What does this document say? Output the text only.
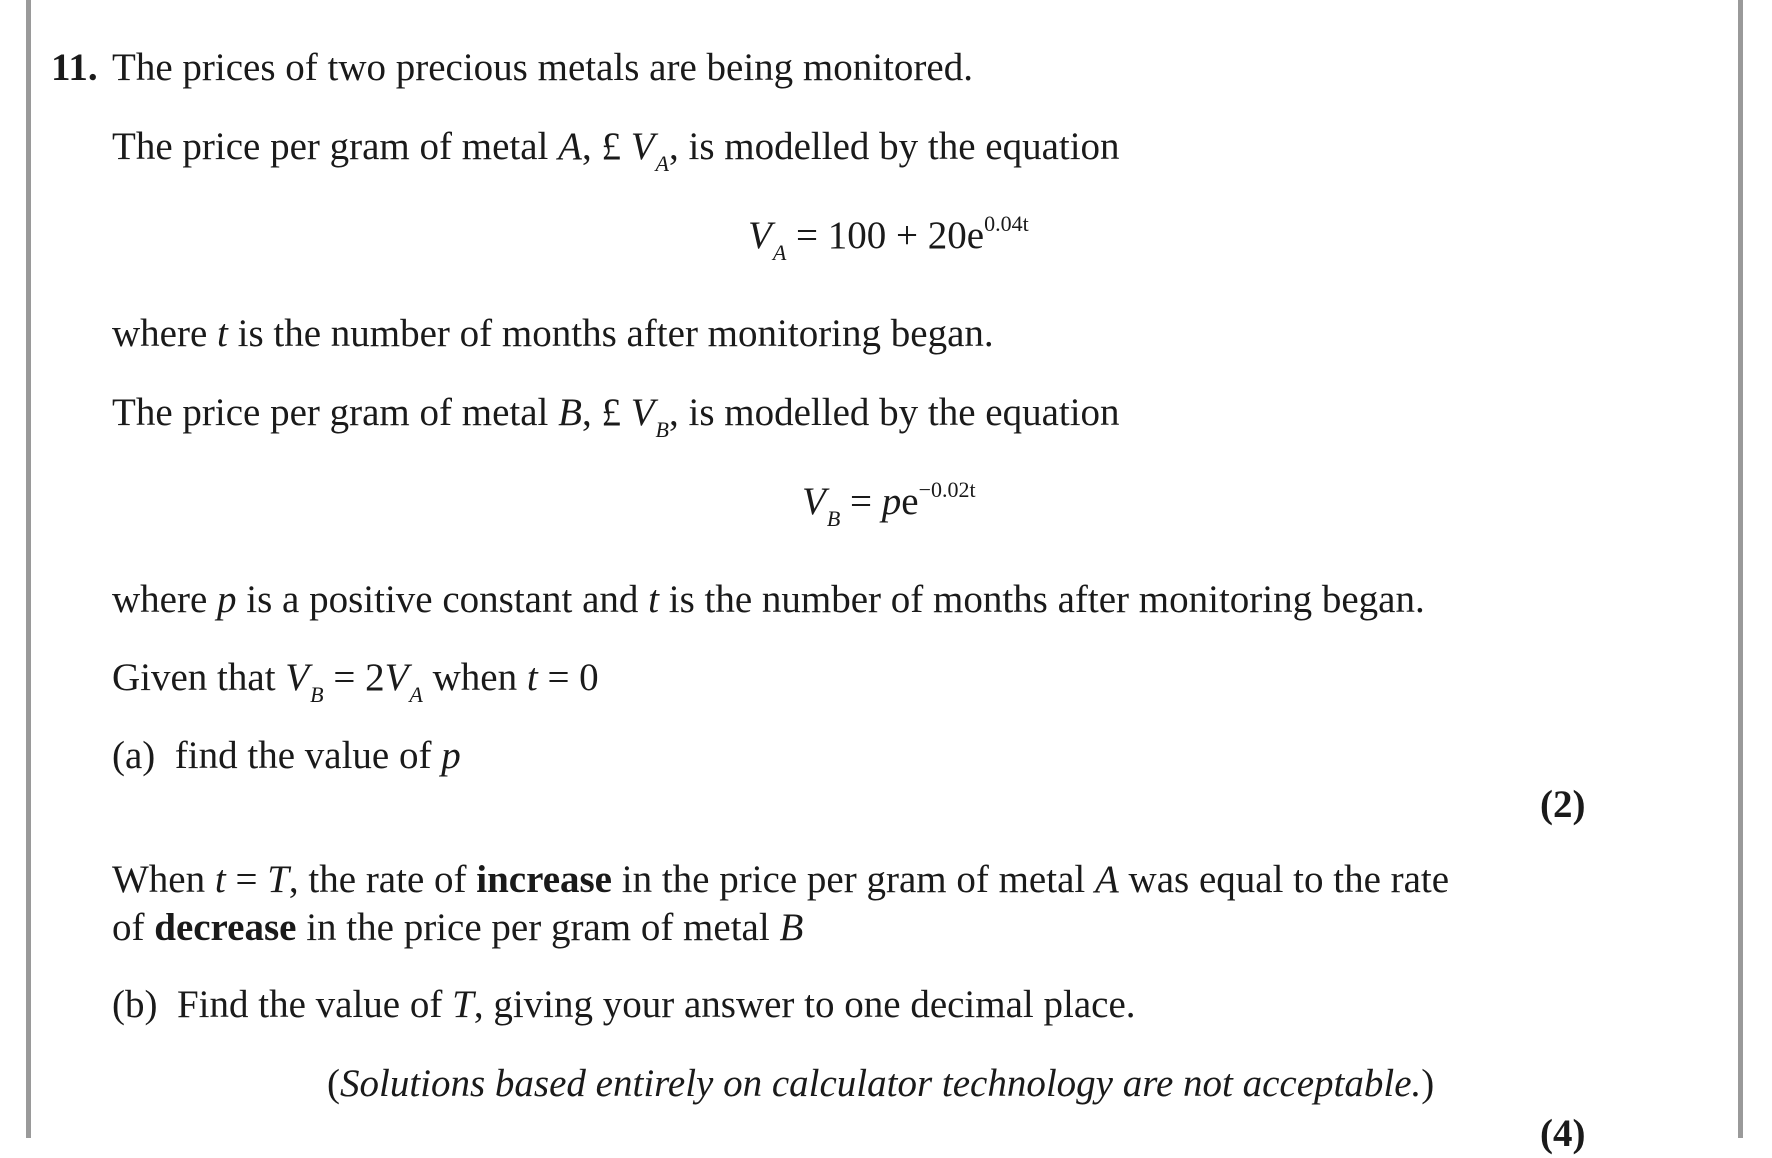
11. The prices of two precious metals are being monitored.
The price per gram of metal A, £ $V_A$, is modelled by the equation
$V_A = 100 + 20e^{0.04t}$
where t is the number of months after monitoring began.
The price per gram of metal B, £ $V_B$, is modelled by the equation
$V_B = pe^{-0.02t}$
where p is a positive constant and t is the number of months after monitoring began.
Given that $V_B = 2V_A$ when t = 0
(a) find the value of p
(2)
When t = T, the rate of increase in the price per gram of metal A was equal to the rate
of decrease in the price per gram of metal B
(b) Find the value of T, giving your answer to one decimal place.
(Solutions based entirely on calculator technology are not acceptable.)
(4)
